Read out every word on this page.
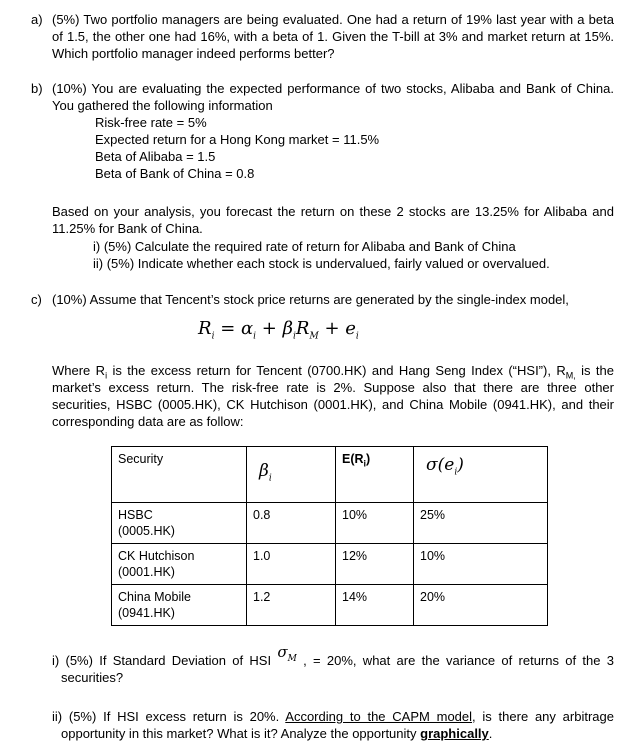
a) (5%) Two portfolio managers are being evaluated. One had a return of 19% last year with a beta of 1.5, the other one had 16%, with a beta of 1. Given the T-bill at 3% and market return at 15%. Which portfolio manager indeed performs better?
b) (10%) You are evaluating the expected performance of two stocks, Alibaba and Bank of China. You gathered the following information
Risk-free rate = 5%
Expected return for a Hong Kong market = 11.5%
Beta of Alibaba = 1.5
Beta of Bank of China = 0.8
Based on your analysis, you forecast the return on these 2 stocks are 13.25% for Alibaba and 11.25% for Bank of China.
i) (5%) Calculate the required rate of return for Alibaba and Bank of China
ii) (5%) Indicate whether each stock is undervalued, fairly valued or overvalued.
c) (10%) Assume that Tencent’s stock price returns are generated by the single-index model,
$R_i = \alpha_i + \beta_iR_M + e_i$
Where $R_i$ is the excess return for Tencent (0700.HK) and Hang Seng Index (“HSI”), $R_{M,}$ is the market’s excess return. The risk-free rate is 2%. Suppose also that there are three other securities, HSBC (0005.HK), CK Hutchison (0001.HK), and China Mobile (0941.HK), and their corresponding data are as follow:
Security	$\beta_i$	$E(R_i)$	$\sigma(e_i)$

HSBC
(0005.HK)	0.8	10%	25%

CK Hutchison
(0001.HK)	1.0	12%	10%

China Mobile
(0941.HK)	1.2	14%	20%
i) (5%) If Standard Deviation of HSI $\sigma_M$ , = 20%, what are the variance of returns of the 3
securities?
ii) (5%) If HSI excess return is 20%. According to the CAPM model, is there any arbitrage
opportunity in this market? What is it? Analyze the opportunity graphically.
